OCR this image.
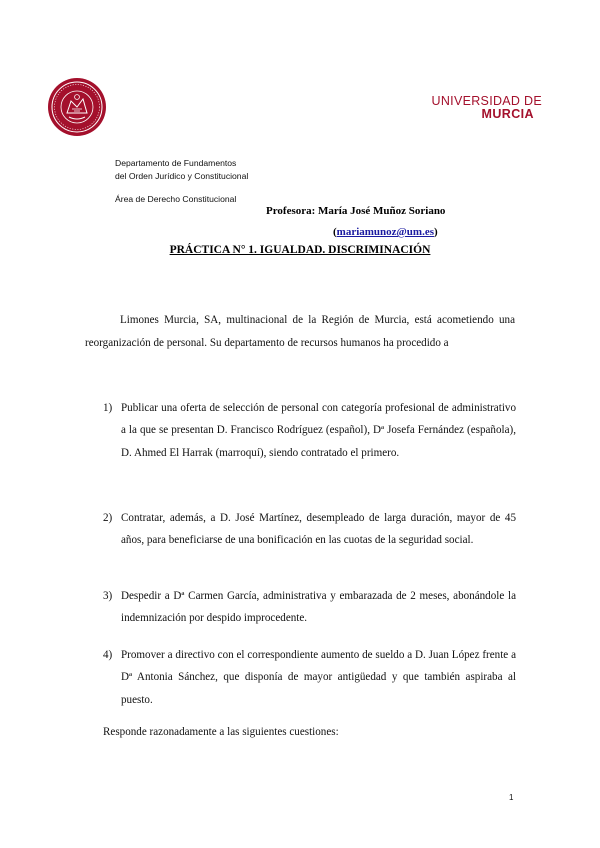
UNIVERSIDAD DE
MURCIA
Departamento de Fundamentos
del Orden Jurídico y Constitucional
Área de Derecho Constitucional
Profesora: María José Muñoz Soriano
(mariamunoz@um.es)
PRÁCTICA N° 1. IGUALDAD. DISCRIMINACIÓN
Limones Murcia, SA, multinacional de la Región de Murcia, está acometiendo una reorganización de personal. Su departamento de recursos humanos ha procedido a
1) Publicar una oferta de selección de personal con categoría profesional de administrativo a la que se presentan D. Francisco Rodríguez (español), Dª Josefa Fernández (española), D. Ahmed El Harrak (marroquí), siendo contratado el primero.
2) Contratar, además, a D. José Martínez, desempleado de larga duración, mayor de 45 años, para beneficiarse de una bonificación en las cuotas de la seguridad social.
3) Despedir a Dª Carmen García, administrativa y embarazada de 2 meses, abonándole la indemnización por despido improcedente.
4) Promover a directivo con el correspondiente aumento de sueldo a D. Juan López frente a Dª Antonia Sánchez, que disponía de mayor antigüedad y que también aspiraba al puesto.
Responde razonadamente a las siguientes cuestiones:
1
